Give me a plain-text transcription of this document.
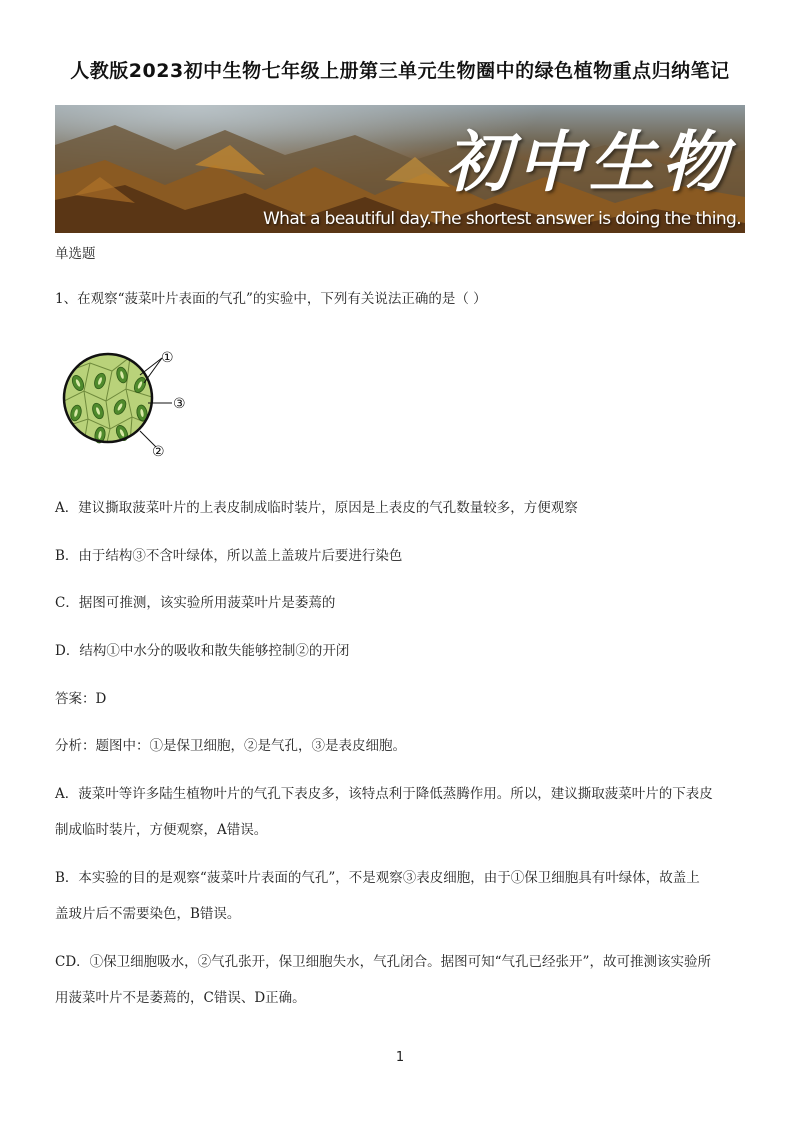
人教版2023初中生物七年级上册第三单元生物圈中的绿色植物重点归纳笔记
初中生物
What a beautiful day.The shortest answer is doing the thing.
单选题
1、在观察“菠菜叶片表面的气孔”的实验中，下列有关说法正确的是（ ）
①
③
②
A．建议撕取菠菜叶片的上表皮制成临时装片，原因是上表皮的气孔数量较多，方便观察
B．由于结构③不含叶绿体，所以盖上盖玻片后要进行染色
C．据图可推测，该实验所用菠菜叶片是萎蔫的
D．结构①中水分的吸收和散失能够控制②的开闭
答案：D
分析：题图中：①是保卫细胞，②是气孔，③是表皮细胞。
A．菠菜叶等许多陆生植物叶片的气孔下表皮多，该特点利于降低蒸腾作用。所以，建议撕取菠菜叶片的下表皮
制成临时装片，方便观察，A错误。
B．本实验的目的是观察“菠菜叶片表面的气孔”，不是观察③表皮细胞，由于①保卫细胞具有叶绿体，故盖上
盖玻片后不需要染色，B错误。
CD．①保卫细胞吸水，②气孔张开，保卫细胞失水，气孔闭合。据图可知“气孔已经张开”，故可推测该实验所
用菠菜叶片不是萎蔫的，C错误、D正确。
1
